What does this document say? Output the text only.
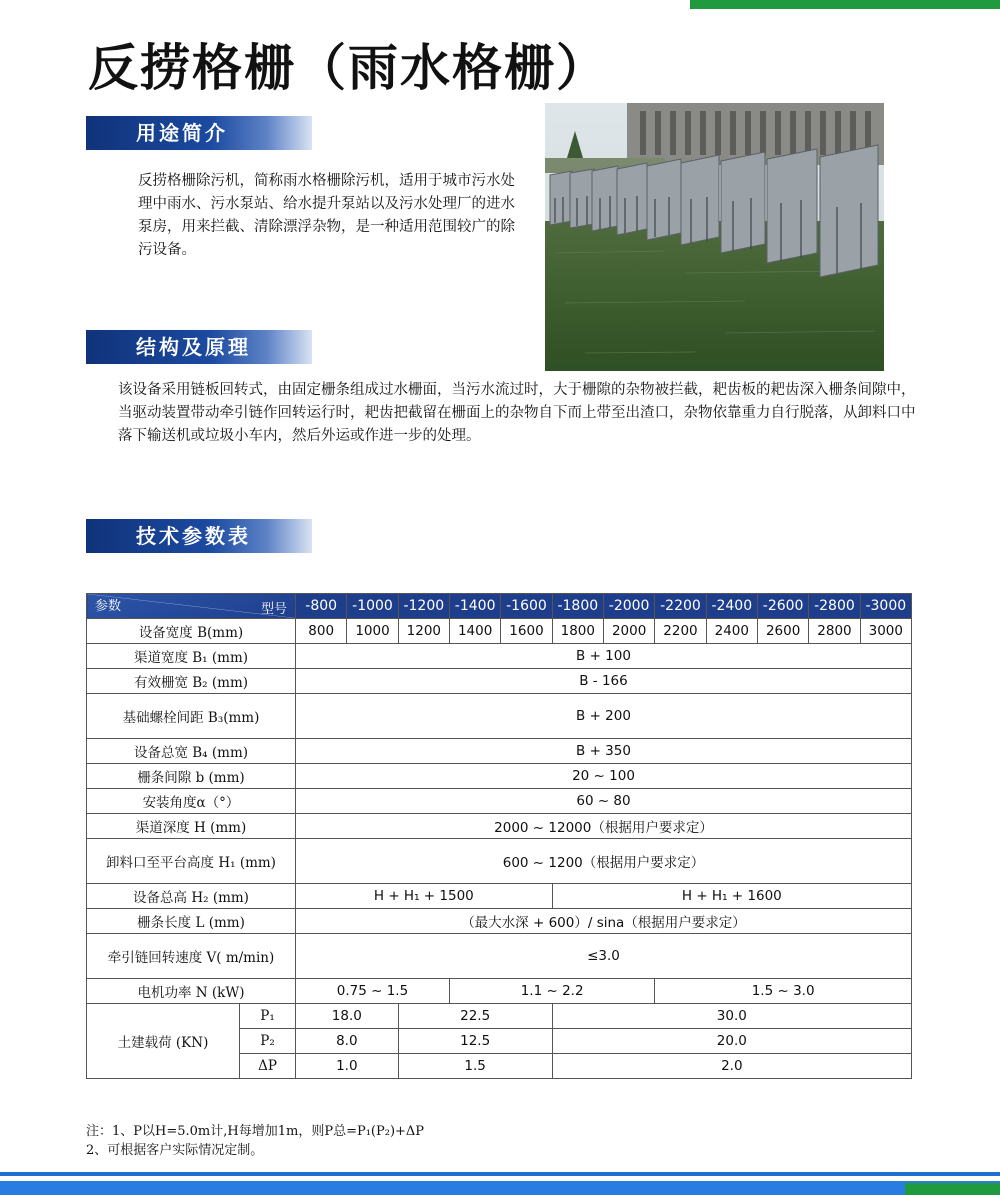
反捞格栅（雨水格栅）
用途简介
反捞格栅除污机，简称雨水格栅除污机，适用于城市污水处理中雨水、污水泵站、给水提升泵站以及污水处理厂的进水泵房，用来拦截、清除漂浮杂物，是一种适用范围较广的除污设备。
结构及原理
该设备采用链板回转式，由固定栅条组成过水栅面，当污水流过时，大于栅隙的杂物被拦截，耙齿板的耙齿深入栅条间隙中，当驱动装置带动牵引链作回转运行时，耙齿把截留在栅面上的杂物自下而上带至出渣口，杂物依靠重力自行脱落，从卸料口中落下输送机或垃圾小车内，然后外运或作进一步的处理。
技术参数表
型号
参数		-800	-1000	-1200	-1400	-1600	-1800	-2000	-2200	-2400	-2600	-2800	-3000
设备宽度 B(mm)		800	1000	1200	1400	1600	1800	2000	2200	2400	2600	2800	3000
渠道宽度 B₁ (mm)		B + 100											
有效栅宽 B₂ (mm)		B - 166											
基础螺栓间距 B₃(mm)		B + 200											
设备总宽 B₄ (mm)		B + 350											
栅条间隙 b (mm)		20 ~ 100											
安装角度α（°）		60 ~ 80											
渠道深度 H (mm)		2000 ~ 12000（根据用户要求定）											
卸料口至平台高度 H₁ (mm)		600 ~ 1200（根据用户要求定）											
设备总高 H₂ (mm)		H + H₁ + 1500					H + H₁ + 1600						
栅条长度 L (mm)		（最大水深 + 600）/ sina（根据用户要求定）											
牵引链回转速度 V( m/min)		≤3.0											
电机功率 N (kW)		0.75 ~ 1.5			1.1 ~ 2.2				1.5 ~ 3.0				
土建载荷 (KN)	P₁	18.0		22.5			30.0						
	P₂	8.0		12.5			20.0						
	ΔP	1.0		1.5			2.0						
注：1、P以H=5.0m计,H每增加1m，则P总=P₁(P₂)+ΔP
2、可根据客户实际情况定制。
